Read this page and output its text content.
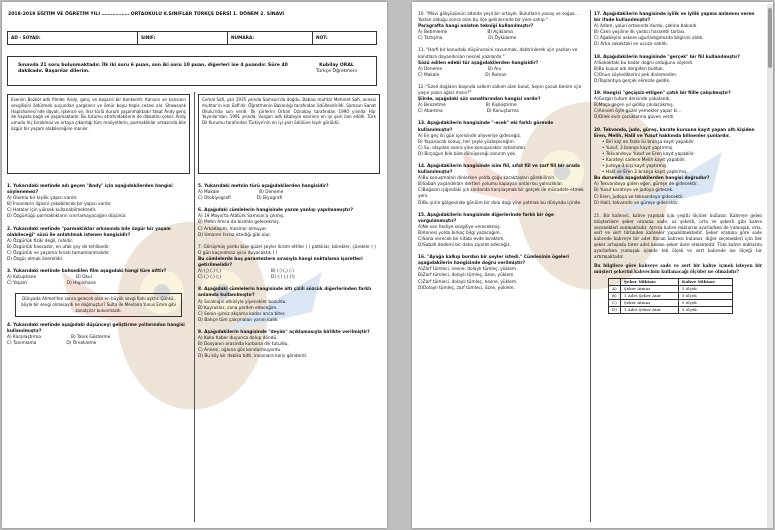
2018-2019 EĞİTİM VE ÖĞRETİM YILI ……………… ORTAOKULU 8.SINIFLAR TÜRKÇE DERSİ 1. DÖNEM 2. SINAVI
AD - SOYAD:	SINIF:	NUMARA:	NOT:
Sınavda 21 soru bulunmaktadır. İlk iki soru 6 puan, son iki soru 10 puan, diğerleri ise 4 puandır. Süre 40 dakikadır. Başarılar dilerim.
Kubilay ORAL
Türkçe Öğretmeni
Esenlin Bozköl adlı filmde Andy, genç ve başarılı bir bankerdir. Karısını ve karısının sevgilisini öldürmek suçundan yargılanır ve ömür boyu hapis cezası alır. Shawsank Hapishanesi'nde dayak, işkence ve, ilrsr türlü durum yaşanmaktadır fakat Andy genç de hayata bağlı ve yaşamaktadır. Bu tutumu etrafındakilerin de dikkatini çeker. Andy umudu hiç bırakmaz ve ortaya çıkardığı tüm maliyetlerin, parmaklıklar arkasında bile özgür bir yaşam olabileceğine inanılır.
Cemal Safi, şair 1935 yılında Samsun'da doğdu. Babası mühtar Mehmet Safi, annesi muhtar'ın kızı Safi'dir. Öğretmenin Bakanlığı tarafından ödüllendirildi. Samsun Sanat Okulu'nda son verdi. İlk şiirlerini Orhan Oznakay tarafından 1990 yılında Hür Yayınlar'dan. 1991 yılında, Vurgun adlı kitabıyla eserinin en iyi şairi ilan edildi. Türk Dil Kurumu tarafından Türkiye'nin en iyi şairi ödülüne layık görüldü.
1. Yukarıdaki metinde adı geçen "Andy" için aşağıdakilerden hangisi söylenemez?
A) Olumlu bir kişilik yapısı vardır.
B) İnsanların ilgisini çekebilecek bir yapısı vardır.
C) Hatalar için yüksek kullanabilmektedir.
D) Özgürlüğü parmaklıkların sınırlamayacağını düşünür.
2. Yukarıdaki metinde "parmaklıklar arkasında bile özgür bir yaşam olabileceği" sözü ile anlatılmak istenen hangisidir?
A) Özgürlük fiziki değil, ruhidir.
B) Özgürlük hassastır, en ufak şey de tehlikedir.
C) Özgürlük ve yaşama fırsatı tamamlanmalıdır.
D) Özgür olmak önemlidir.
3. Yukarıdaki metinde bahsedilen film aşağıdaki hangi türe aittir?
A) Kutuphane	B) Okul
C) Yaşam	D) Hapishane
Dünyada Ahmet'ten sonra gelecek olan en büyük sevgi İlahi aşktır. Çünkü, böyle bir sevgi olmasaydı ne doğmuştur? Sulta ile Mevlana Yunus Emre gibi sanatçılar bulunmazdı.
4. Yukarıdaki metinde aşağıdaki düşünceyi geliştirme yollarından hangisi kullanılmıştır?
A) Karşılaştırma	B) Tanık Gösterme
C) Tanımlama	D) Örnekleme
5. Yukarıdaki metnin türü aşağıdakilerden hangisidir?
A) Makale	B) Deneme
C) Otobiyografi	D) Biyografi
6. Aşağıdaki cümlelerin hangisinde yazım yanlışı yapılmamıştır?
A) 19 Mayıs'ta Atatürk Samsun'a çıkmış.
B) Metin Amca da bizimle gelecekmiş.
C) Arkadaşım, mosmor olmuyor.
D) Umarım hırsız istediği gibi olur.
7. Görüşmüş yordu bize güzel şeyler ikram ettiler ( ) patlıklar, börekler, çörekler ( ) O gün kaçınılmaz iyice duyacaktık ( )
Bu cümlelerde boş parantezlere sırasıyla hangi noktalama işaretleri getirilmelidir?
A) (;) (.) (,)	B) (:) (,) (.)
C) (,) (.) (;)	D) (:) (,) (!)
8. Aşağıdaki cümlelerin hangisinde altı çizili sözcük diğerlerinden farklı anlamda kullanılmıştır?
A) Sıcaklığın etkisiyle yiyecekler bozuldu.
B) Kuyruklar, sana yardım edeceğim.
C) Senin işimiz akşama kadar anca biter.
D) Bahçe tüm çalışmaları yarım kaldı.
9. Aşağıdakilerin hangisinde "deyim" açıklamasıyla birlikte verilmiştir?
A) Koku haber duyunca dolup döndü.
B) Dosyanın arasında kurbana dili tutuldu.
C) Annesi, oğluna göz kondurmuyordu.
D) Bu köy bir dakika bitti, insanlara karşı gönderdi.
10. "Mavi gökyüzünün altında yeşil bir ortaydı. Bulutların yavaş ve soğuk... Yaslan olduğu sonra olan bu ilçe gelinlerinde bir yere sahip."
Paragrafta hangi anlatım tekniği kullanılmıştır?
A) Betimleme	B) Açıklama
C) Tartışma	D) Öyküleme
11. "Harfi bir konudaki düşüncesini savunmak, doktrinlerek için yazılan ve kanıtlara dayandırılan nesnel yazılardır."
Sözü edilen edebi tür aşağıdakilerden hangisidir?
A) Deneme	B) Anı
C) Makale	D) Roman
12. "Ezeli dağların başında salkım salkım olan bulut, Sepin çocuk benim için yaşın yazın ağlar mısın?"
Şiirde, aşağıdaki söz sanatlarından hangisi vardır?
A) Benzetme	B) Kişileştirme
C) Abartma	D) Konuşturma
13. Aşağıdakilerin hangisinde "-ecek" eki farklı görevde kullanılmıştır?
A) En geç iki gün içerisinde alışverişe gideceğiz.
B) Yaşanacak sonuç, her şeyle yüzleşeceğim.
C) Su, olaydan sonra yine konuşacaktır arkamdan.
D) Birçoğun bile bize dönüşeceği sanırım yok.
14. Aşağıdakilerin hangisinde isim fiil, sıfat fiil ve zarf fiil bir arada kullanılmıştır?
A)Bu konuşmaları dinlerken yolda çoğu karaktaşları görebilirsin.
B)Sabah yaşandıkları dertleri yolumu kapayan onları bu yalnızlıklar.
C)Boğazın ışığındaki yılı zindanda karşılaşmak bir gerçek ile mücadele etmek yeni.
D)Bu şiirin gölgesinde gönlüm bir dolu dağı yine yatmak bu dünyada içinde.
15. Aşağıdakilerin hangisinde diğerlerinde farklı bir öge vurgulanmıştır?
A)Ne son hediye sevgiliye verecekmiş.
B)Annesi yolda birkaç bilgi yazacağım.
C)Sana verecek bir kitabı evde bıraktım.
D)Sabah dedemi bir daha ziyaret edeceğiz.
16. "Ayağa kalkıp bordan bir şeyler istedi." Cümlesinin ögeleri aşağıdakilerin hangisinde doğru verilmiştir?
A)Zarf tümleci, nesne, dolaylı tümleç, yüklem.
B)Zarf tümleci, dolaylı tümleç, özne, yüklem.
C)Zarf tümleci, dolaylı tümleç, nesne, yüklem.
D)Dolaylı tümleç, zarf tümleci, özne, yüklem.
17. Aşağıdakilerin hangisinde iyilik ve iyilik yapma anlamını veren bir ifade kullanılmıştır?
A) Adam, yolun ortasında durdu, çekine bakındı.
B) Canlı yeşiline ilk yastıcı hararetli tarlası.
C) Ağabeyini askere uğurladığımızda bilgisini aldık.
D) Arka sokaktaki ev ucuza satıldı.
18. Aşağıdakilerin hangisinde "gerçek" bir fiil kullanılmıştır?
A)Sokaktaki bu kadar doğru olduğunu söyledi.
B)Bu kuşun adı dergiden bulduk.
C)Onun söylediklerini pek dinlemedim.
D)Toplantıya gerçek elimizle geldik.
19. Hangisi "geçişsiz-etilgen" çatılı bir fiille çalışılmıştır?
A)Gergin tutum dersinde yakalandı.
B)Maça geçen yıl gidilip çıkılacakmış.
C)Annem öyle güzel yemekler yapar ki...
D)Dilek evin çocuklarına güven verdi.
20. Tekvando, judo, güreş, karate kursuna kayıt yapan altı kişiden Eren, Melih, Halil ve Yusuf hakkında bilinenler şunlardır.
• Biri kişi en fazla iki branşa kayıt yapabilir.
• Yusuf, 3 branşa kayıt yaptırmış.
• Tekvandoyu Yusuf ve Eren kayıt yapabilir.
• Karateyi sadece Melih kayıt yapabilir.
• Judoya 3 kişi kayıt yaptırmış.
• Halil ve Eren 2 branşa kayıt yaptırmış.
Bu durumda aşağıdakilerden hangisi doğrudur?
A) Tekvandoya giden eğer, güreşe de gidecektir.
B) Yusuf karateye ve judoya gidecek.
C) Eren, judoya ve tekvandoya gidecektir.
D) Halil, tekvando ve güreşe gidecektir.
21. Bir kahveci, kahve yapmak için çeşitli ölçüler kullanır. Kahveye gelen müşterilere şeker oranına sade, az şekerli, orta ve şekerli gibi kahve seçenekleri sunmaktadır. Ayrıca kahve miktarını ayarlarken de yumuşak, orta, sert ve sert türünden kahveler yapabilmektedir. Şeker oranına göre sade kahvede kahveye bir adet fincan kahvesi bulunur, diğer seçenekleri için her şeker artışında birer adet kesme şeker ilave etmektedir. Tüm kahve miktarını ayarlarken yumuşak içimde tek ölçek ve sert kahvede ise ölçeği bir artırmaktadır.
Bu bilgilere göre kahveye sade ve sert bir kahve içmek isteyen bir müşteri şekerini kahvecinin kullanacağı ölçüler ne olmalıdır?
	Şeker Miktarı	Kahve Miktarı
A)	Şeker Atmaz	3 ölçek
B)	1 Adet Şeker Atar	5 ölçek
C)	Şeker Atmaz	5 ölçek
D)	1 Adet Şeker Atar	3 ölçek
